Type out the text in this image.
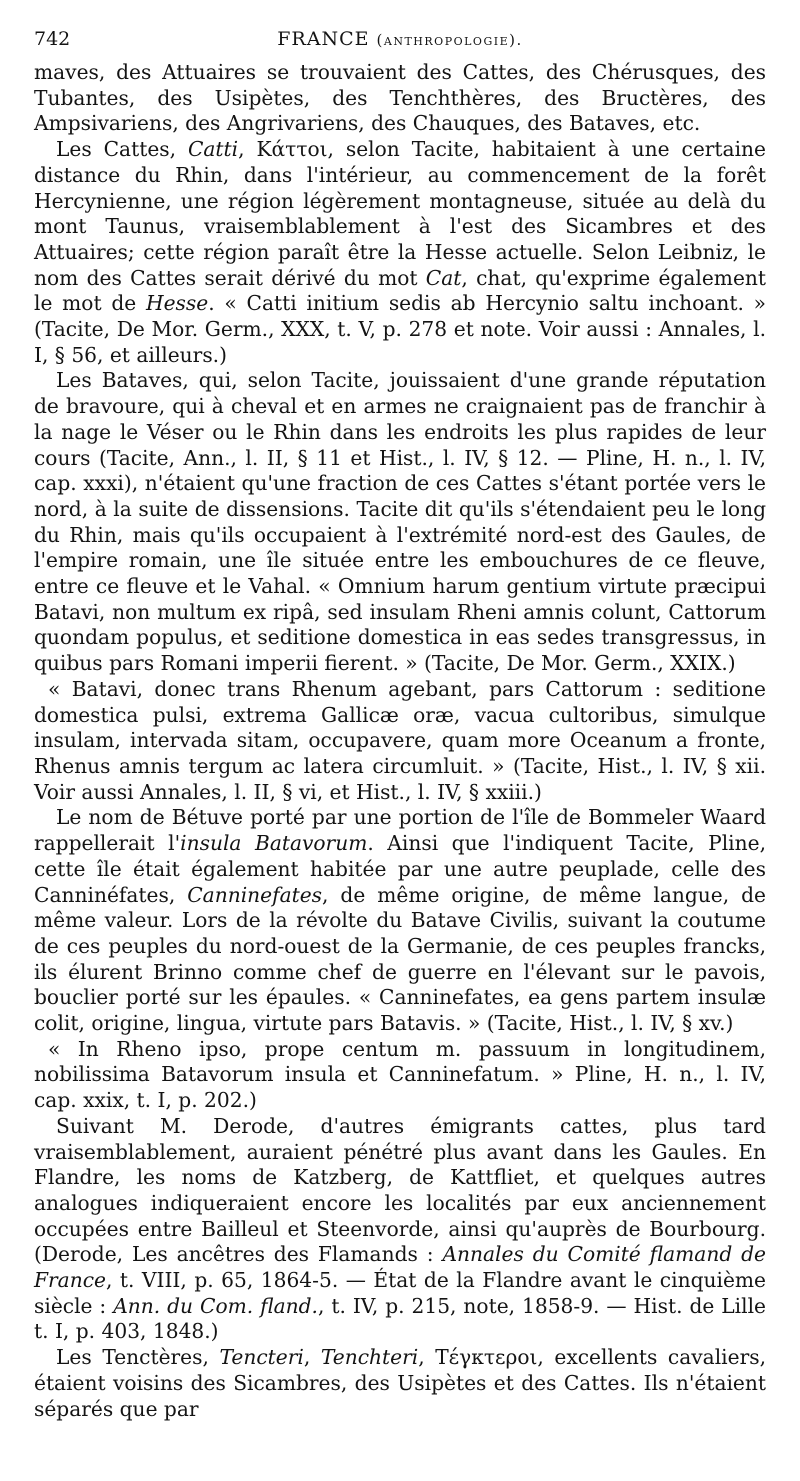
742	FRANCE (anthropologie).

maves, des Attuaires se trouvaient des Cattes, des Chérusques, des Tubantes, des Usipètes, des Tenchthères, des Bructères, des Ampsivariens, des Angrivariens, des Chauques, des Bataves, etc.

Les Cattes, Catti, Κάττοι, selon Tacite, habitaient à une certaine distance du Rhin, dans l'intérieur, au commencement de la forêt Hercynienne, une région légèrement montagneuse, située au delà du mont Taunus, vraisemblablement à l'est des Sicambres et des Attuaires; cette région paraît être la Hesse actuelle. Selon Leibniz, le nom des Cattes serait dérivé du mot Cat, chat, qu'exprime également le mot de Hesse. « Catti initium sedis ab Hercynio saltu inchoant. » (Tacite, De Mor. Germ., XXX, t. V, p. 278 et note. Voir aussi : Annales, l. I, § 56, et ailleurs.)

Les Bataves, qui, selon Tacite, jouissaient d'une grande réputation de bravoure, qui à cheval et en armes ne craignaient pas de franchir à la nage le Véser ou le Rhin dans les endroits les plus rapides de leur cours (Tacite, Ann., l. II, § 11 et Hist., l. IV, § 12. — Pline, H. n., l. IV, cap. xxxi), n'étaient qu'une fraction de ces Cattes s'étant portée vers le nord, à la suite de dissensions. Tacite dit qu'ils s'étendaient peu le long du Rhin, mais qu'ils occupaient à l'extrémité nord-est des Gaules, de l'empire romain, une île située entre les embouchures de ce fleuve, entre ce fleuve et le Vahal. « Omnium harum gentium virtute præcipui Batavi, non multum ex ripâ, sed insulam Rheni amnis colunt, Cattorum quondam populus, et seditione domestica in eas sedes transgressus, in quibus pars Romani imperii fierent. » (Tacite, De Mor. Germ., XXIX.)

« Batavi, donec trans Rhenum agebant, pars Cattorum : seditione domestica pulsi, extrema Gallicæ oræ, vacua cultoribus, simulque insulam, intervada sitam, occupavere, quam more Oceanum a fronte, Rhenus amnis tergum ac latera circumluit. » (Tacite, Hist., l. IV, § xii. Voir aussi Annales, l. II, § vi, et Hist., l. IV, § xxiii.)

Le nom de Bétuve porté par une portion de l'île de Bommeler Waard rappellerait l'insula Batavorum. Ainsi que l'indiquent Tacite, Pline, cette île était également habitée par une autre peuplade, celle des Canninéfates, Canninefates, de même origine, de même langue, de même valeur. Lors de la révolte du Batave Civilis, suivant la coutume de ces peuples du nord-ouest de la Germanie, de ces peuples francks, ils élurent Brinno comme chef de guerre en l'élevant sur le pavois, bouclier porté sur les épaules. « Canninefates, ea gens partem insulæ colit, origine, lingua, virtute pars Batavis. » (Tacite, Hist., l. IV, § xv.)

« In Rheno ipso, prope centum m. passuum in longitudinem, nobilissima Batavorum insula et Canninefatum. » Pline, H. n., l. IV, cap. xxix, t. I, p. 202.)

Suivant M. Derode, d'autres émigrants cattes, plus tard vraisemblablement, auraient pénétré plus avant dans les Gaules. En Flandre, les noms de Katzberg, de Kattfliet, et quelques autres analogues indiqueraient encore les localités par eux anciennement occupées entre Bailleul et Steenvorde, ainsi qu'auprès de Bourbourg. (Derode, Les ancêtres des Flamands : Annales du Comité flamand de France, t. VIII, p. 65, 1864-5. — État de la Flandre avant le cinquième siècle : Ann. du Com. fland., t. IV, p. 215, note, 1858-9. — Hist. de Lille t. I, p. 403, 1848.)

Les Tenctères, Tencteri, Tenchteri, Τέγκτεροι, excellents cavaliers, étaient voisins des Sicambres, des Usipètes et des Cattes. Ils n'étaient séparés que par
